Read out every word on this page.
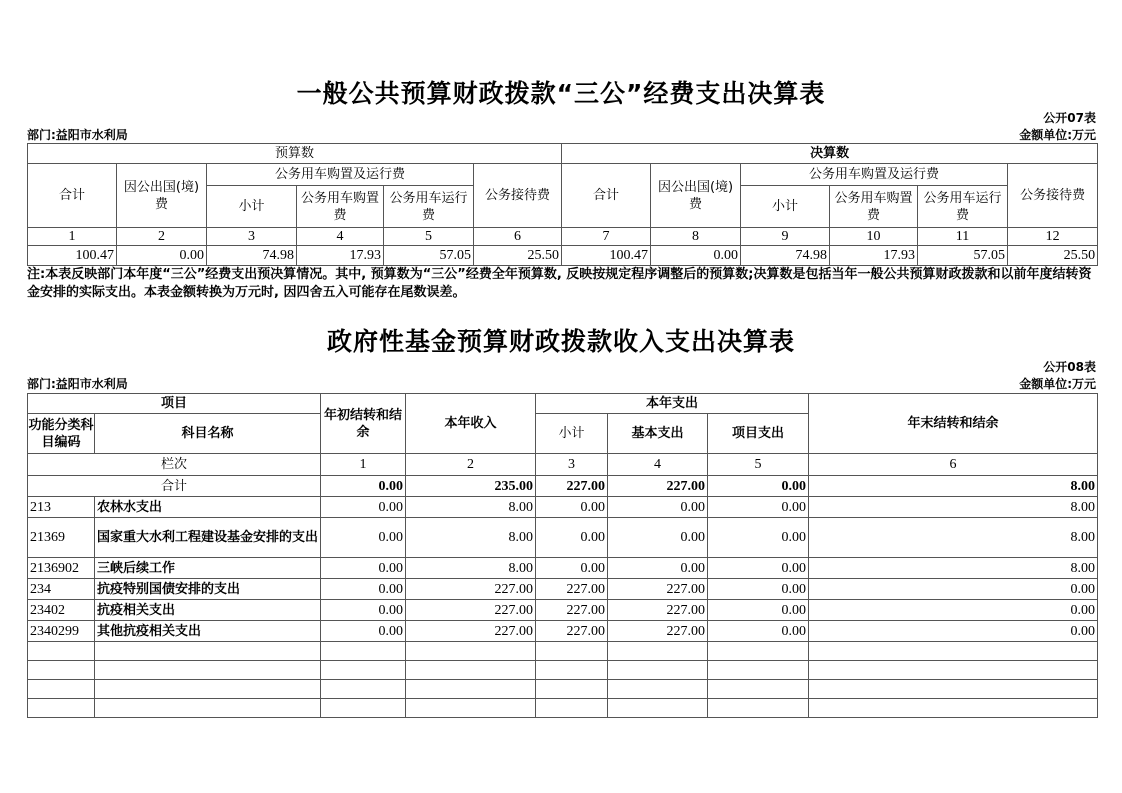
一般公共预算财政拨款“三公”经费支出决算表
公开07表
部门:益阳市水利局	金额单位:万元
预算数						决算数					
合计	因公出国(境)费	公务用车购置及运行费			公务接待费	合计	因公出国(境)费	公务用车购置及运行费			公务接待费
		小计	公务用车购置费	公务用车运行费				小计	公务用车购置费	公务用车运行费	
1	2	3	4	5	6	7	8	9	10	11	12
100.47	0.00	74.98	17.93	57.05	25.50	100.47	0.00	74.98	17.93	57.05	25.50
注:本表反映部门本年度“三公”经费支出预决算情况。其中, 预算数为“三公”经费全年预算数, 反映按规定程序调整后的预算数;决算数是包括当年一般公共预算财政拨款和以前年度结转资金安排的实际支出。本表金额转换为万元时, 因四舍五入可能存在尾数误差。
政府性基金预算财政拨款收入支出决算表
公开08表
部门:益阳市水利局	金额单位:万元
项目		年初结转和结余	本年收入	本年支出			年末结转和结余
功能分类科目编码	科目名称			小计	基本支出	项目支出	
栏次		1	2	3	4	5	6
合计		0.00	235.00	227.00	227.00	0.00	8.00
213	农林水支出	0.00	8.00	0.00	0.00	0.00	8.00
21369	国家重大水利工程建设基金安排的支出	0.00	8.00	0.00	0.00	0.00	8.00
2136902	三峡后续工作	0.00	8.00	0.00	0.00	0.00	8.00
234	抗疫特别国债安排的支出	0.00	227.00	227.00	227.00	0.00	0.00
23402	抗疫相关支出	0.00	227.00	227.00	227.00	0.00	0.00
2340299	其他抗疫相关支出	0.00	227.00	227.00	227.00	0.00	0.00
